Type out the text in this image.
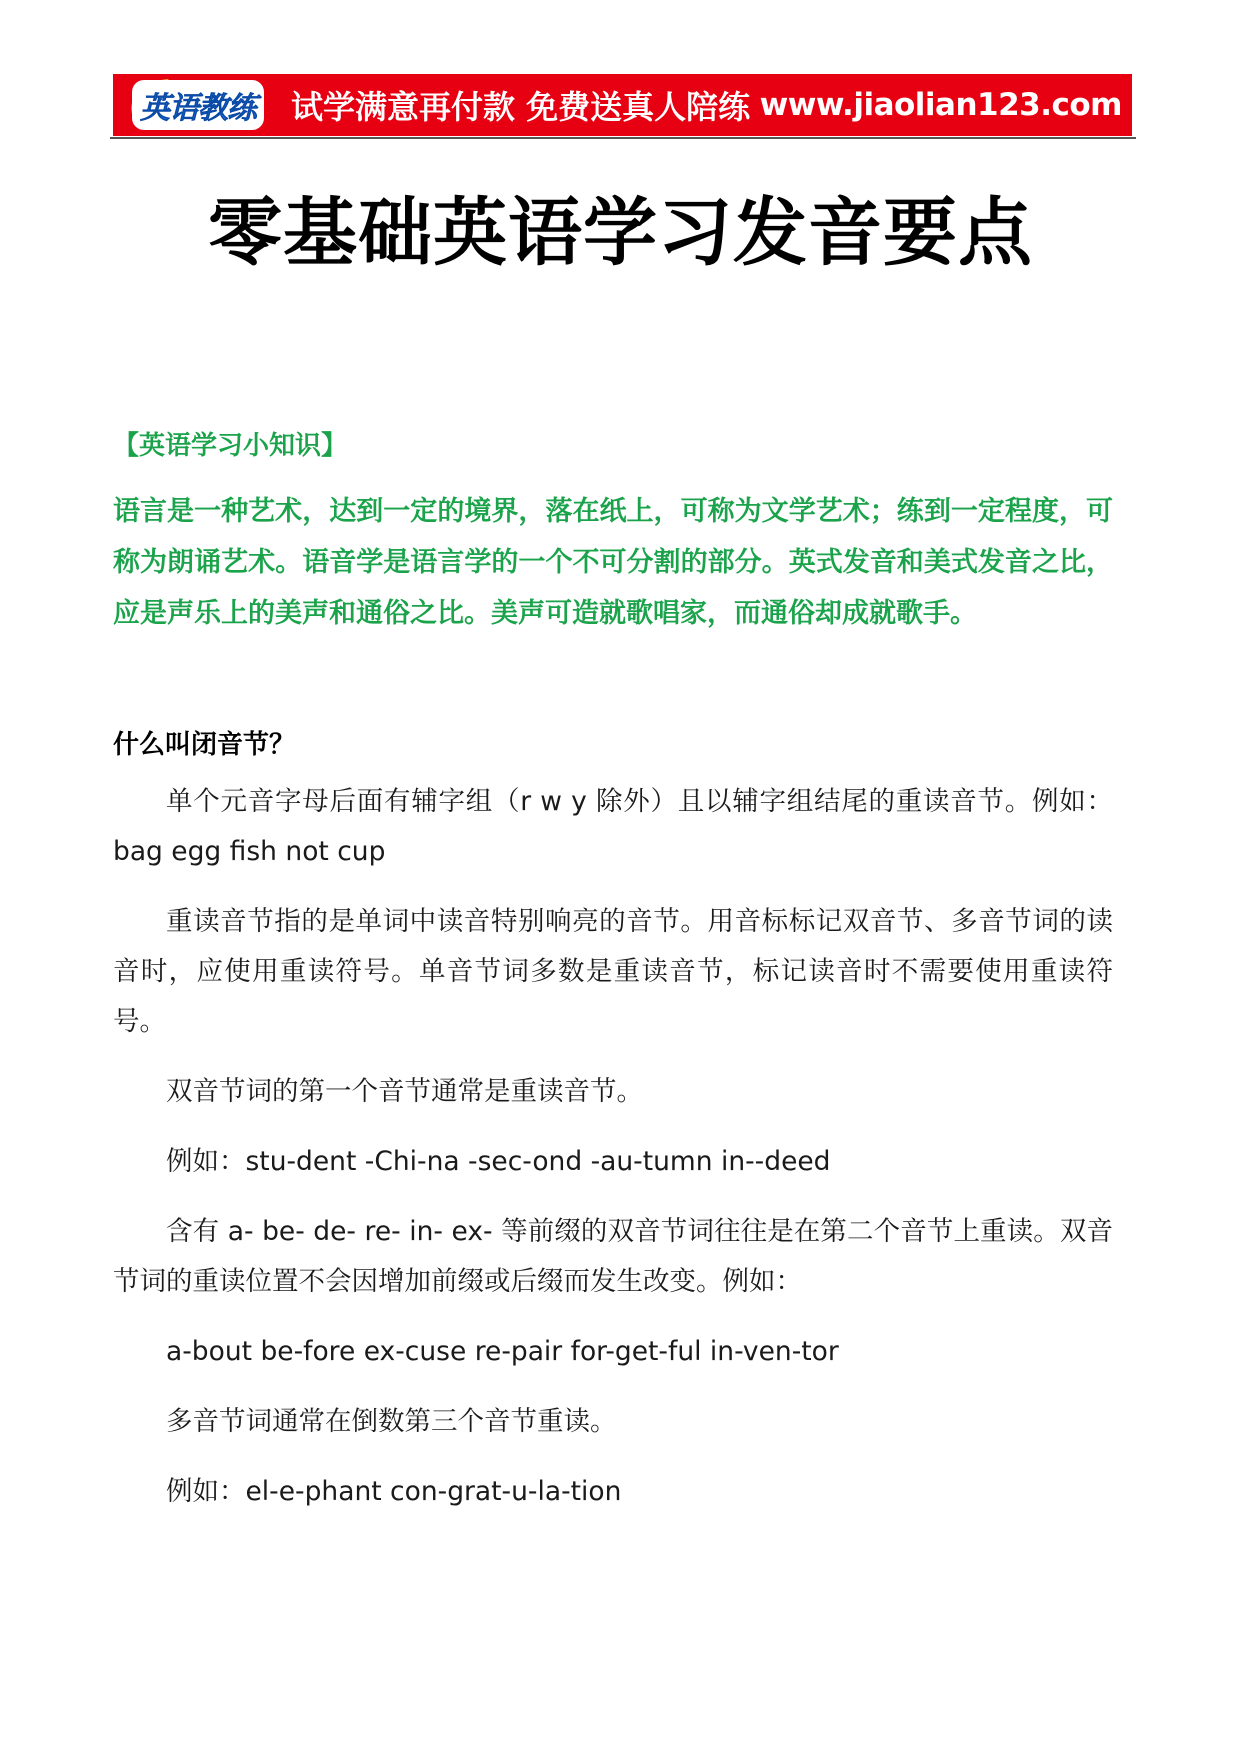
英语教练 试学满意再付款 免费送真人陪练 www.jiaolian123.com
零基础英语学习发音要点

【英语学习小知识】

语言是一种艺术，达到一定的境界，落在纸上，可称为文学艺术；练到一定程度，可称为朗诵艺术。语音学是语言学的一个不可分割的部分。英式发音和美式发音之比，应是声乐上的美声和通俗之比。美声可造就歌唱家，而通俗却成就歌手。

什么叫闭音节？

单个元音字母后面有辅字组（r w y 除外）且以辅字组结尾的重读音节。例如：bag egg fish not cup

重读音节指的是单词中读音特别响亮的音节。用音标标记双音节、多音节词的读音时，应使用重读符号。单音节词多数是重读音节，标记读音时不需要使用重读符号。

双音节词的第一个音节通常是重读音节。

例如：stu-dent -Chi-na -sec-ond -au-tumn in--deed

含有 a- be- de- re- in- ex- 等前缀的双音节词往往是在第二个音节上重读。双音节词的重读位置不会因增加前缀或后缀而发生改变。例如：

a-bout be-fore ex-cuse re-pair for-get-ful in-ven-tor

多音节词通常在倒数第三个音节重读。

例如：el-e-phant con-grat-u-la-tion
